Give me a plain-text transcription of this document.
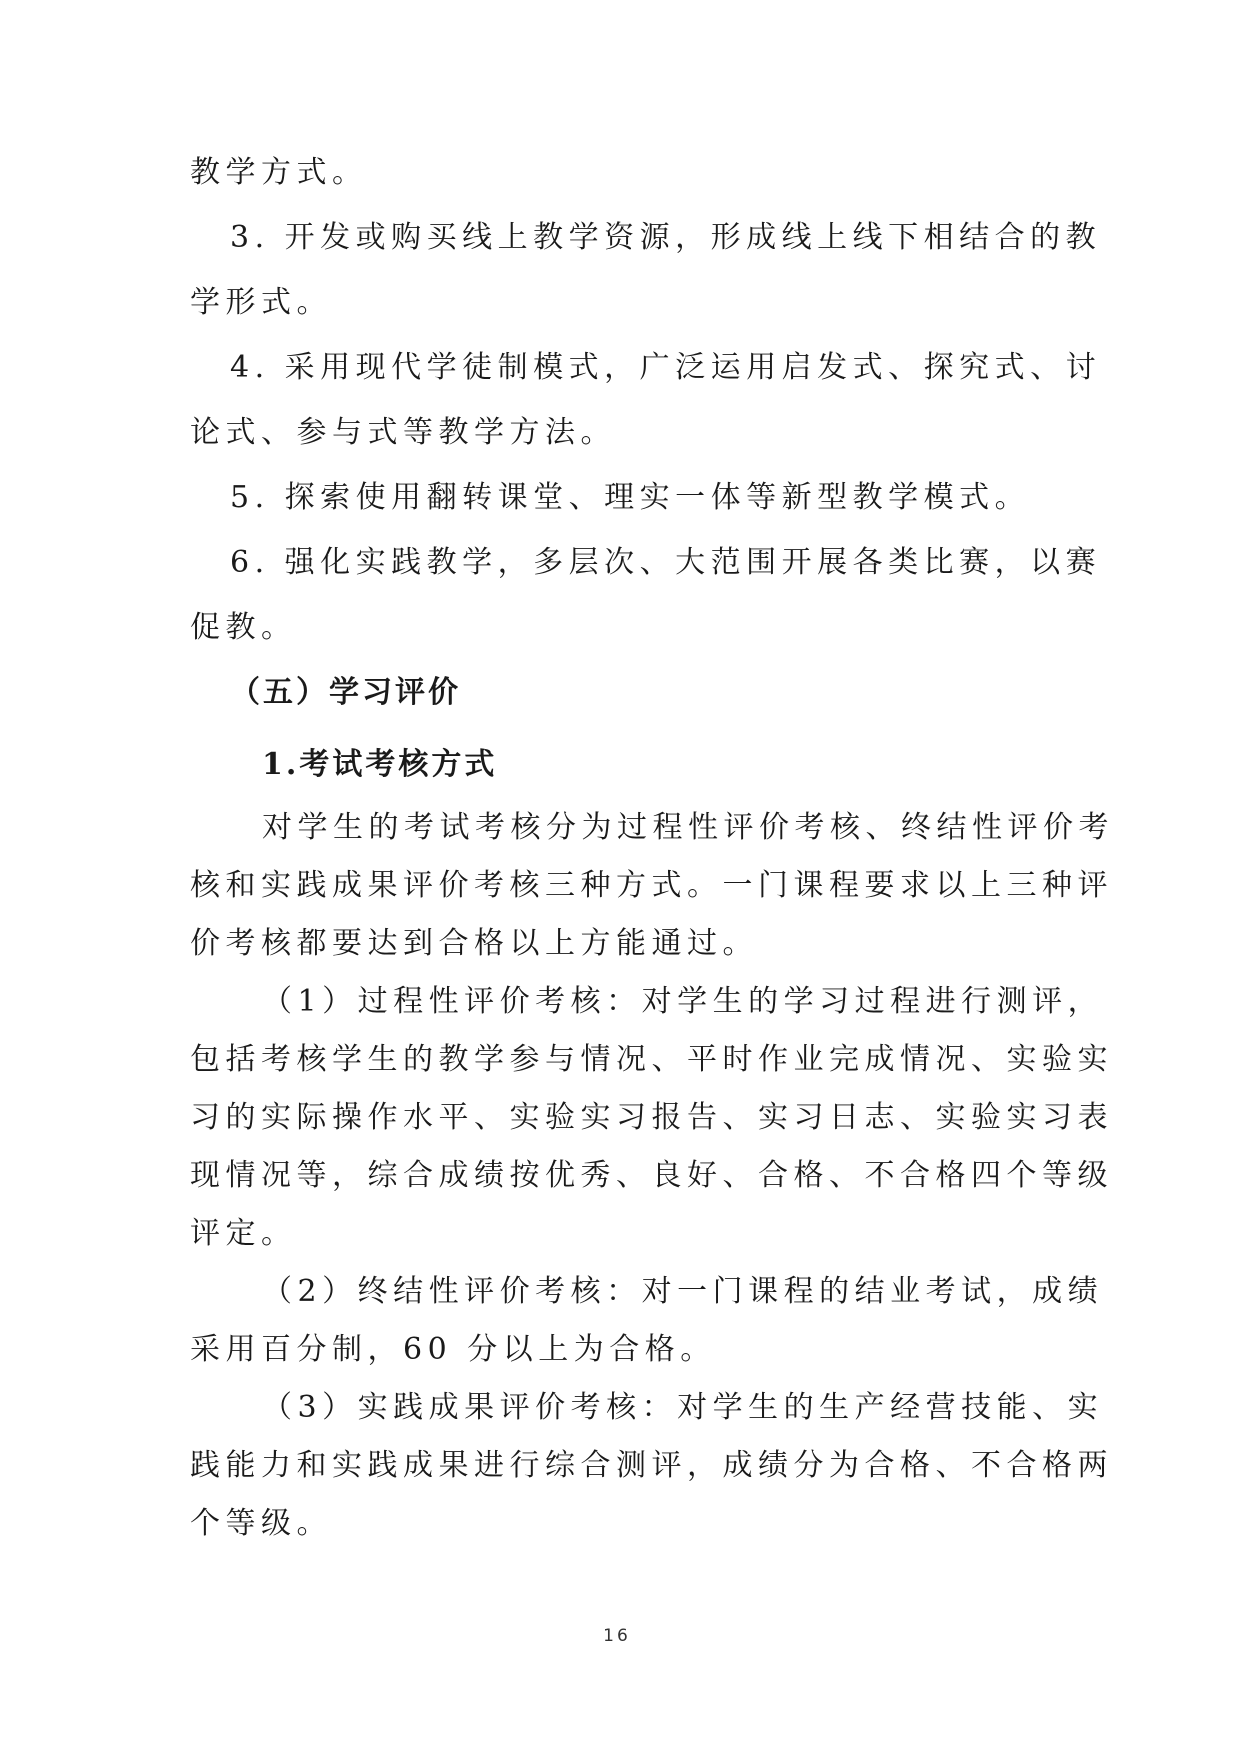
教学方式。
3. 开发或购买线上教学资源，形成线上线下相结合的教
学形式。
4. 采用现代学徒制模式，广泛运用启发式、探究式、讨
论式、参与式等教学方法。
5. 探索使用翻转课堂、理实一体等新型教学模式。
6. 强化实践教学，多层次、大范围开展各类比赛，以赛
促教。
（五）学习评价
1.考试考核方式
对学生的考试考核分为过程性评价考核、终结性评价考
核和实践成果评价考核三种方式。一门课程要求以上三种评
价考核都要达到合格以上方能通过。
（1）过程性评价考核：对学生的学习过程进行测评，
包括考核学生的教学参与情况、平时作业完成情况、实验实
习的实际操作水平、实验实习报告、实习日志、实验实习表
现情况等，综合成绩按优秀、良好、合格、不合格四个等级
评定。
（2）终结性评价考核：对一门课程的结业考试，成绩
采用百分制，60 分以上为合格。
（3）实践成果评价考核：对学生的生产经营技能、实
践能力和实践成果进行综合测评，成绩分为合格、不合格两
个等级。
16
